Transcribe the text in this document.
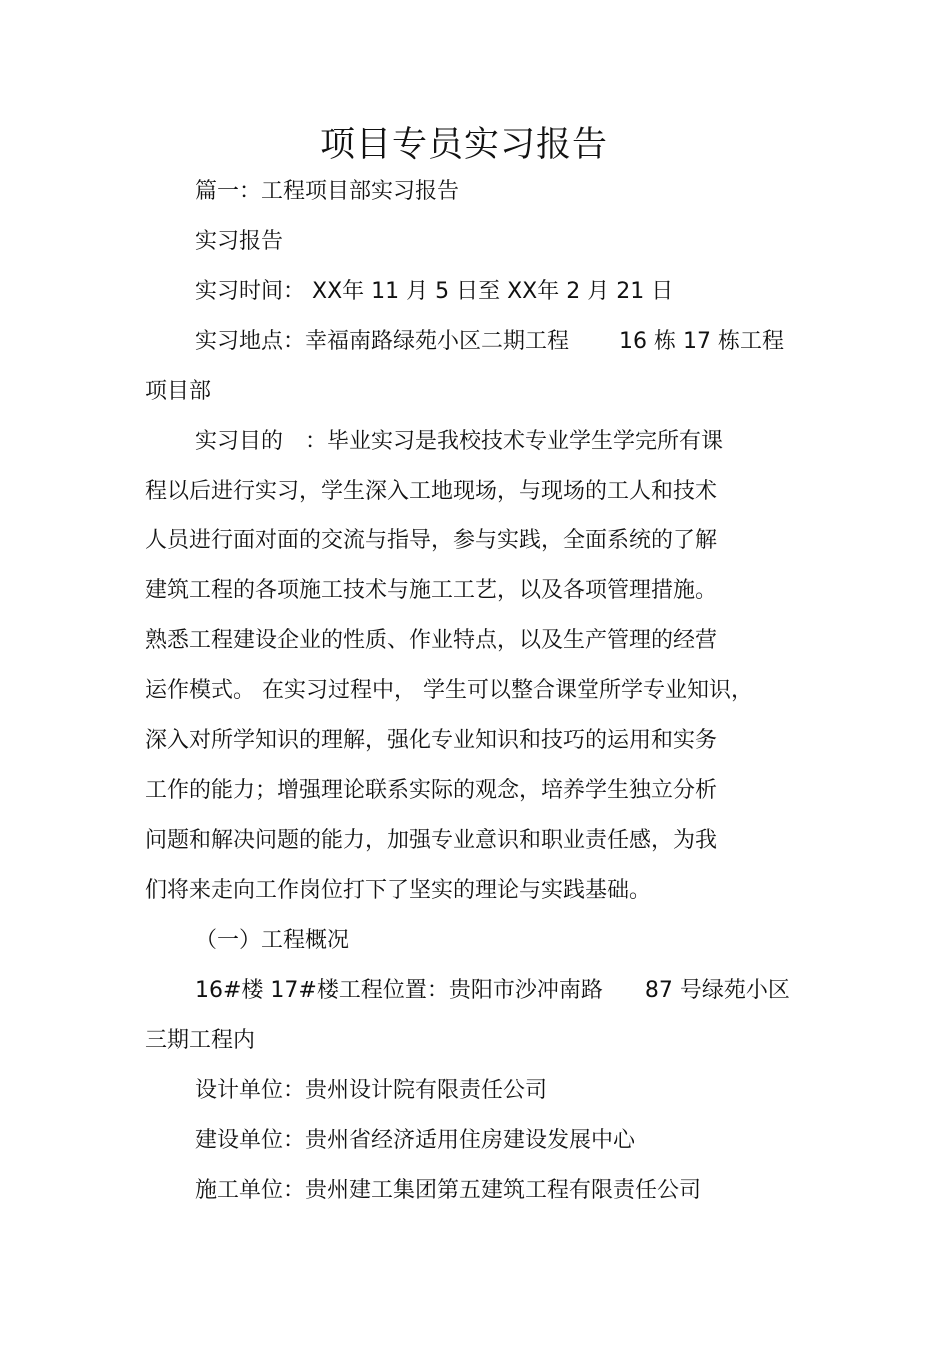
项目专员实习报告

篇一：工程项目部实习报告

实习报告

实习时间： XX年 11 月 5 日至 XX年 2 月 21 日

实习地点：幸福南路绿苑小区二期工程 16 栋 17 栋工程

项目部

实习目的 ：毕业实习是我校技术专业学生学完所有课

程以后进行实习，学生深入工地现场，与现场的工人和技术

人员进行面对面的交流与指导，参与实践，全面系统的了解

建筑工程的各项施工技术与施工工艺，以及各项管理措施。

熟悉工程建设企业的性质、作业特点，以及生产管理的经营

运作模式。 在实习过程中， 学生可以整合课堂所学专业知识，

深入对所学知识的理解，强化专业知识和技巧的运用和实务

工作的能力；增强理论联系实际的观念，培养学生独立分析

问题和解决问题的能力，加强专业意识和职业责任感，为我

们将来走向工作岗位打下了坚实的理论与实践基础。

（一）工程概况

16#楼 17#楼工程位置：贵阳市沙冲南路 87 号绿苑小区

三期工程内

设计单位：贵州设计院有限责任公司

建设单位：贵州省经济适用住房建设发展中心

施工单位：贵州建工集团第五建筑工程有限责任公司
